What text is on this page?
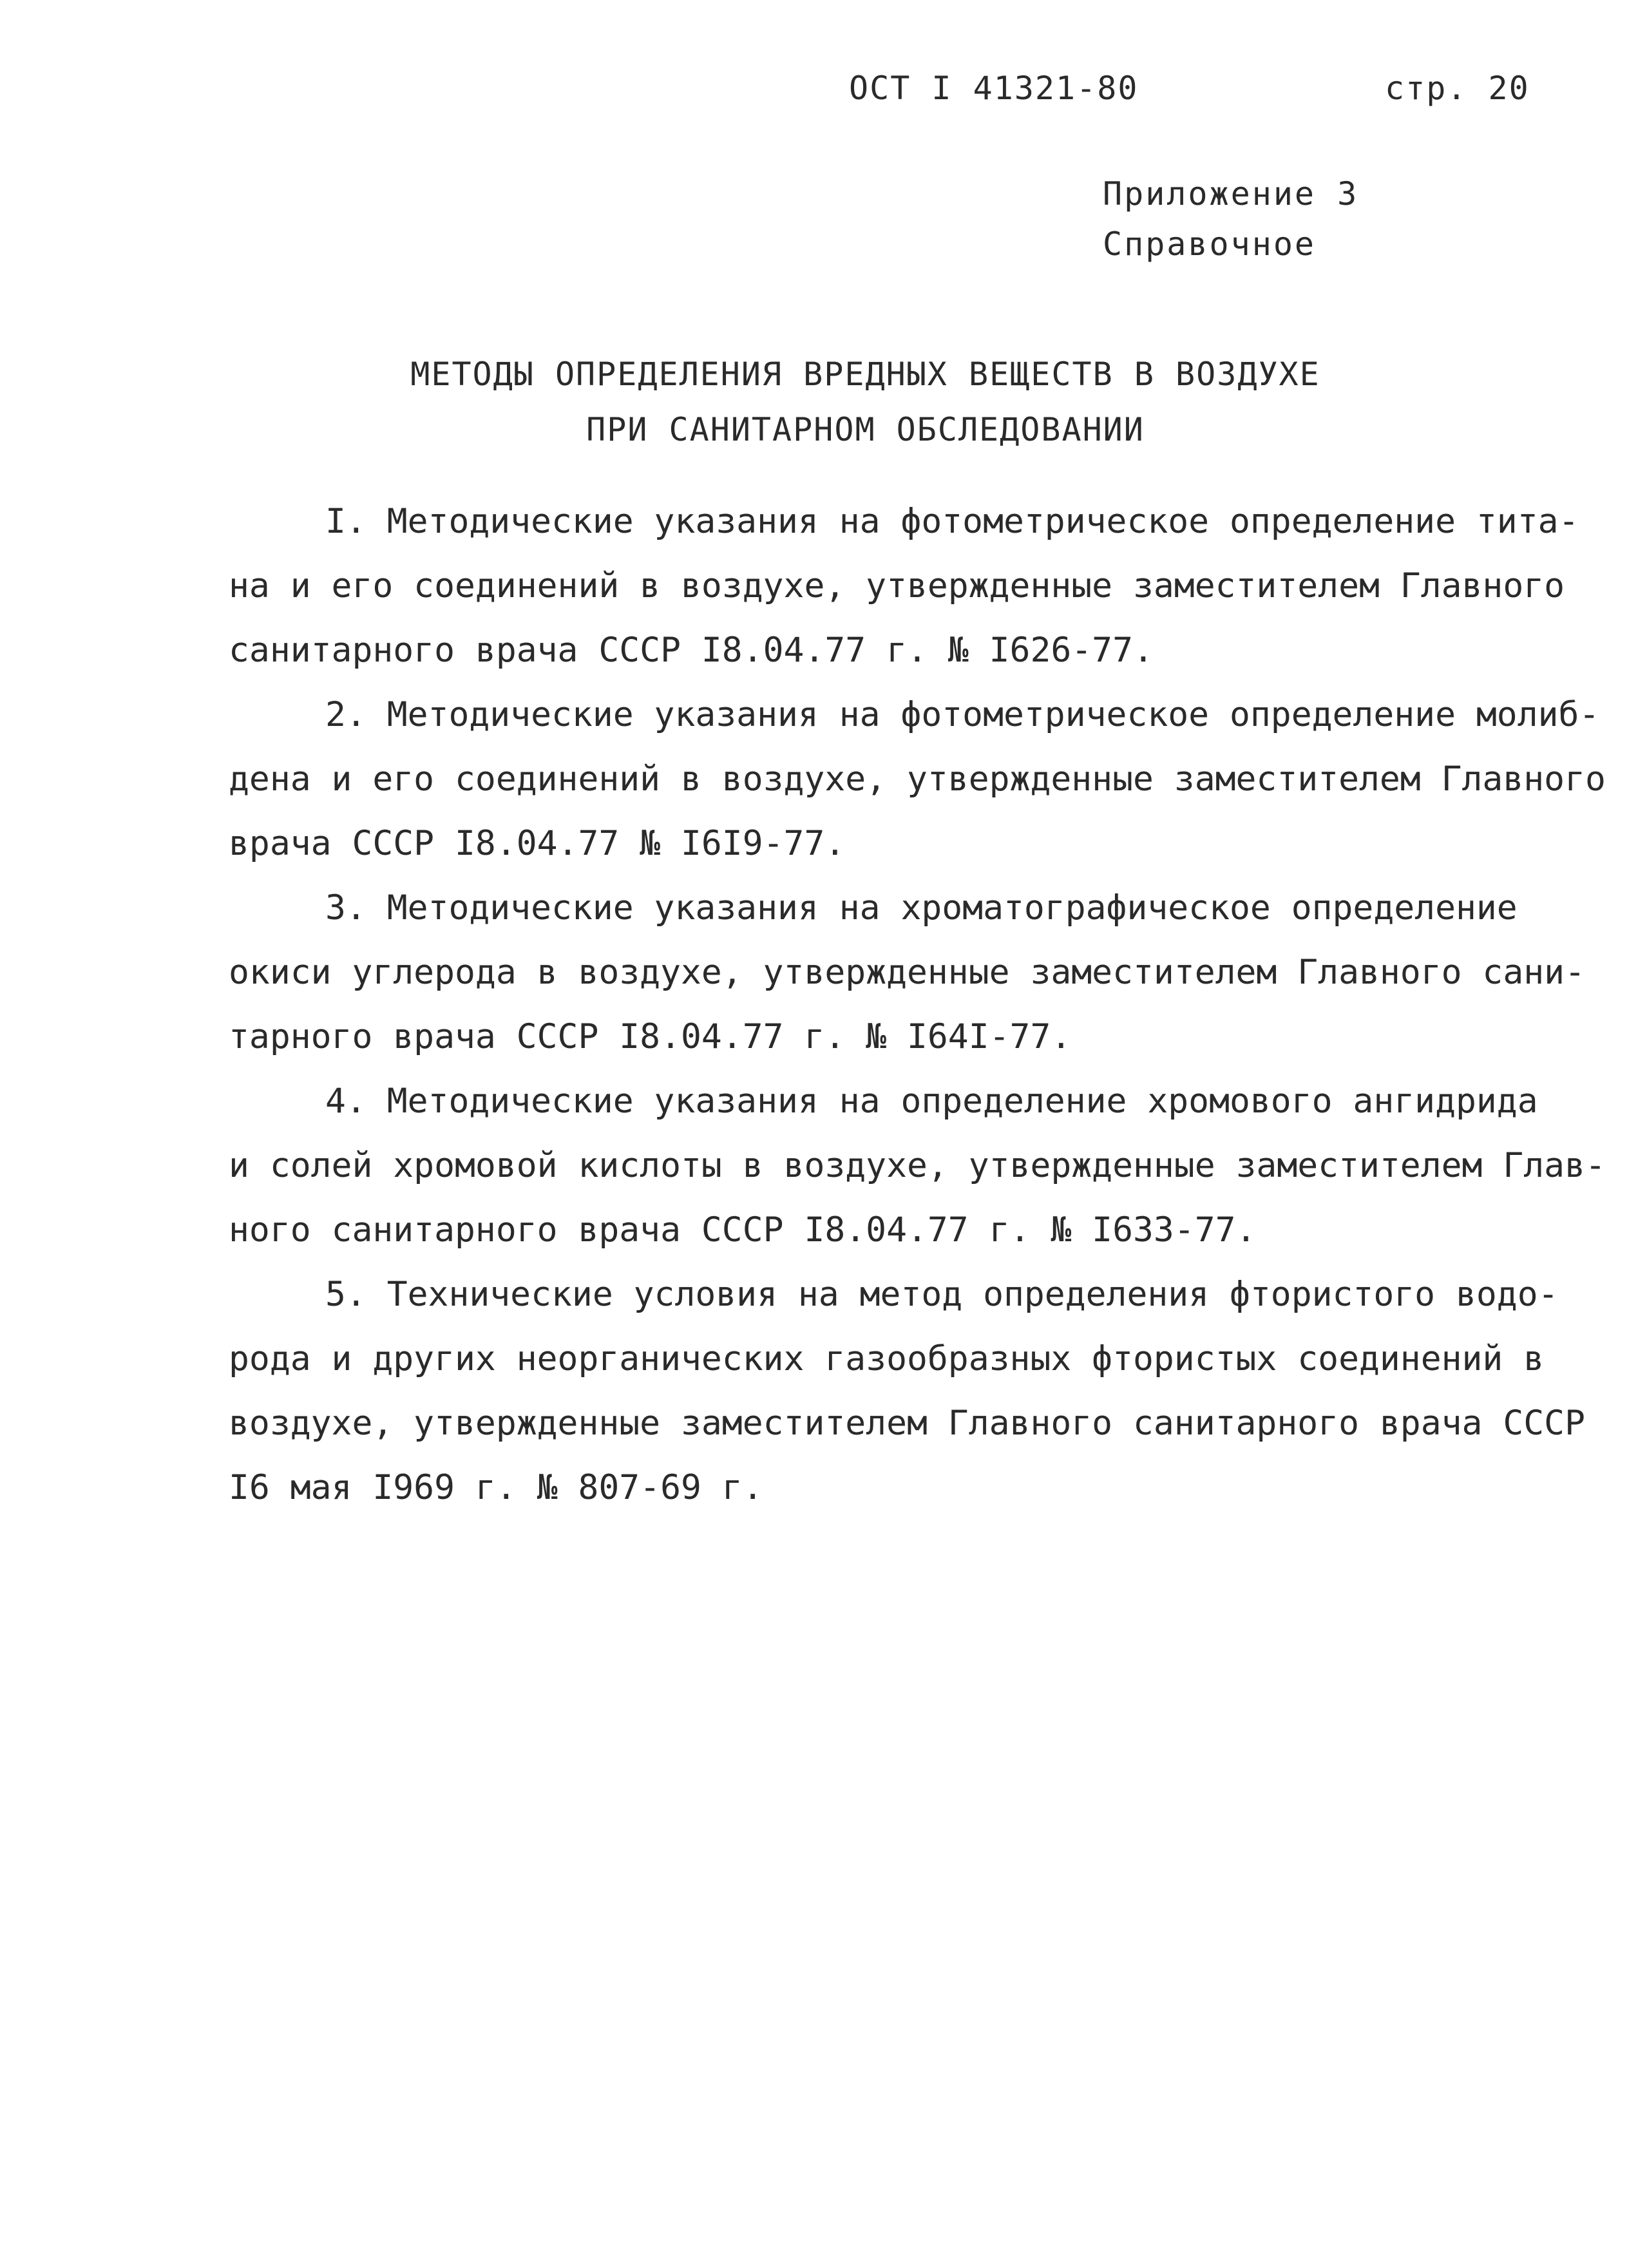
ОСТ I 41321-80	стр. 20
Приложение 3
Справочное
МЕТОДЫ ОПРЕДЕЛЕНИЯ ВРЕДНЫХ ВЕЩЕСТВ В ВОЗДУХЕ
ПРИ САНИТАРНОМ ОБСЛЕДОВАНИИ
I. Методические указания на фотометрическое определение тита-
на и его соединений в воздухе, утвержденные заместителем Главного
санитарного врача СССР I8.04.77 г. № I626-77.
2. Методические указания на фотометрическое определение молиб-
дена и его соединений в воздухе, утвержденные заместителем Главного
врача СССР I8.04.77 № I6I9-77.
3. Методические указания на хроматографическое определение
окиси углерода в воздухе, утвержденные заместителем Главного сани-
тарного врача СССР I8.04.77 г. № I64I-77.
4. Методические указания на определение хромового ангидрида
и солей хромовой кислоты в воздухе, утвержденные заместителем Глав-
ного санитарного врача СССР I8.04.77 г. № I633-77.
5. Технические условия на метод определения фтористого водо-
рода и других неорганических газообразных фтористых соединений в
воздухе, утвержденные заместителем Главного санитарного врача СССР
I6 мая I969 г. № 807-69 г.
